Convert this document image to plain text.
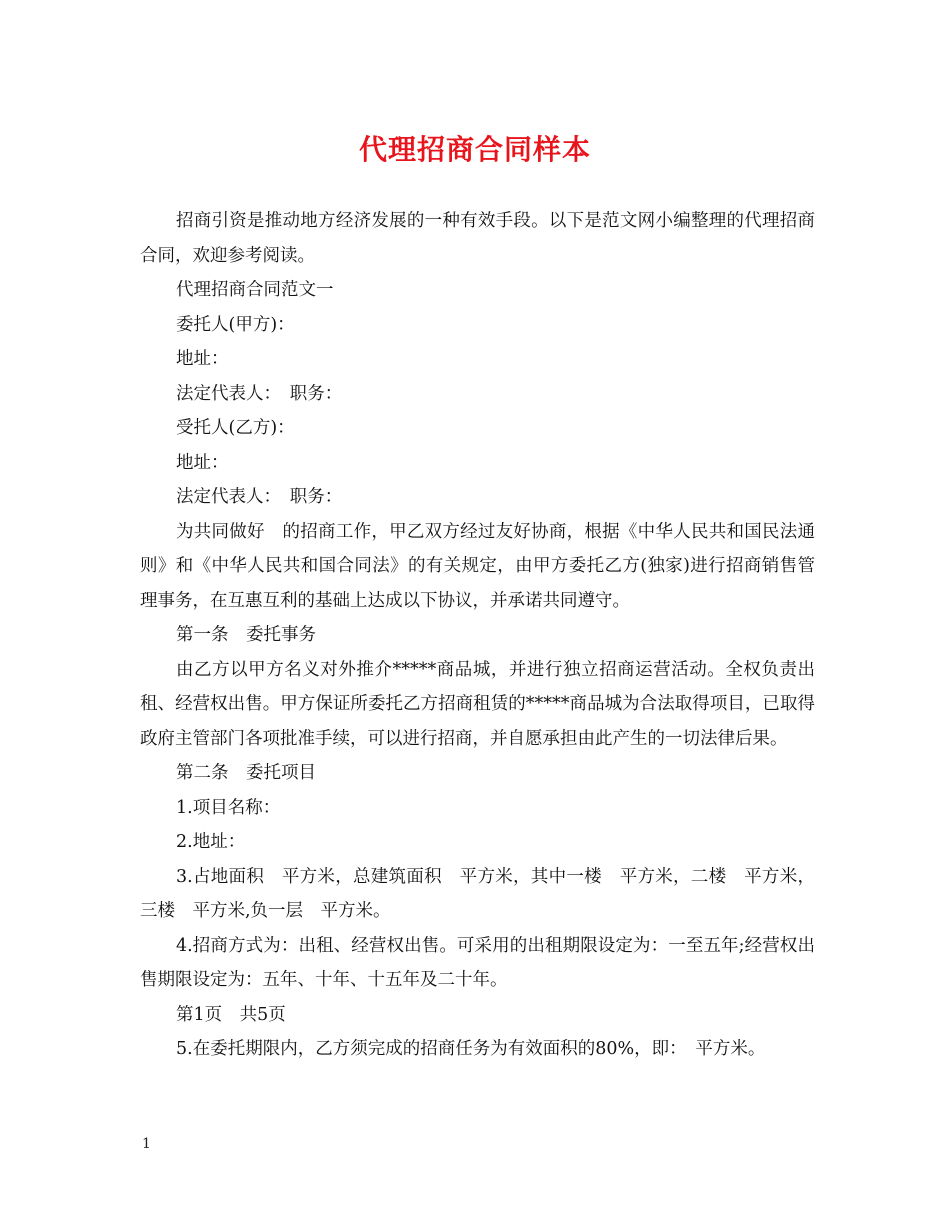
代理招商合同样本

招商引资是推动地方经济发展的一种有效手段。以下是范文网小编整理的代理招商合同，欢迎参考阅读。

代理招商合同范文一

委托人(甲方)：

地址：

法定代表人：　职务：

受托人(乙方)：

地址：

法定代表人：　职务：

为共同做好　的招商工作，甲乙双方经过友好协商，根据《中华人民共和国民法通则》和《中华人民共和国合同法》的有关规定，由甲方委托乙方(独家)进行招商销售管理事务，在互惠互利的基础上达成以下协议，并承诺共同遵守。

第一条　委托事务

由乙方以甲方名义对外推介*****商品城，并进行独立招商运营活动。全权负责出租、经营权出售。甲方保证所委托乙方招商租赁的*****商品城为合法取得项目，已取得政府主管部门各项批准手续，可以进行招商，并自愿承担由此产生的一切法律后果。

第二条　委托项目

1.项目名称：

2.地址：

3.占地面积　平方米，总建筑面积　平方米，其中一楼　平方米，二楼　平方米，三楼　平方米,负一层　平方米。

4.招商方式为：出租、经营权出售。可采用的出租期限设定为：一至五年;经营权出售期限设定为：五年、十年、十五年及二十年。

第1页　共5页

5.在委托期限内，乙方须完成的招商任务为有效面积的80%，即：　平方米。

1
